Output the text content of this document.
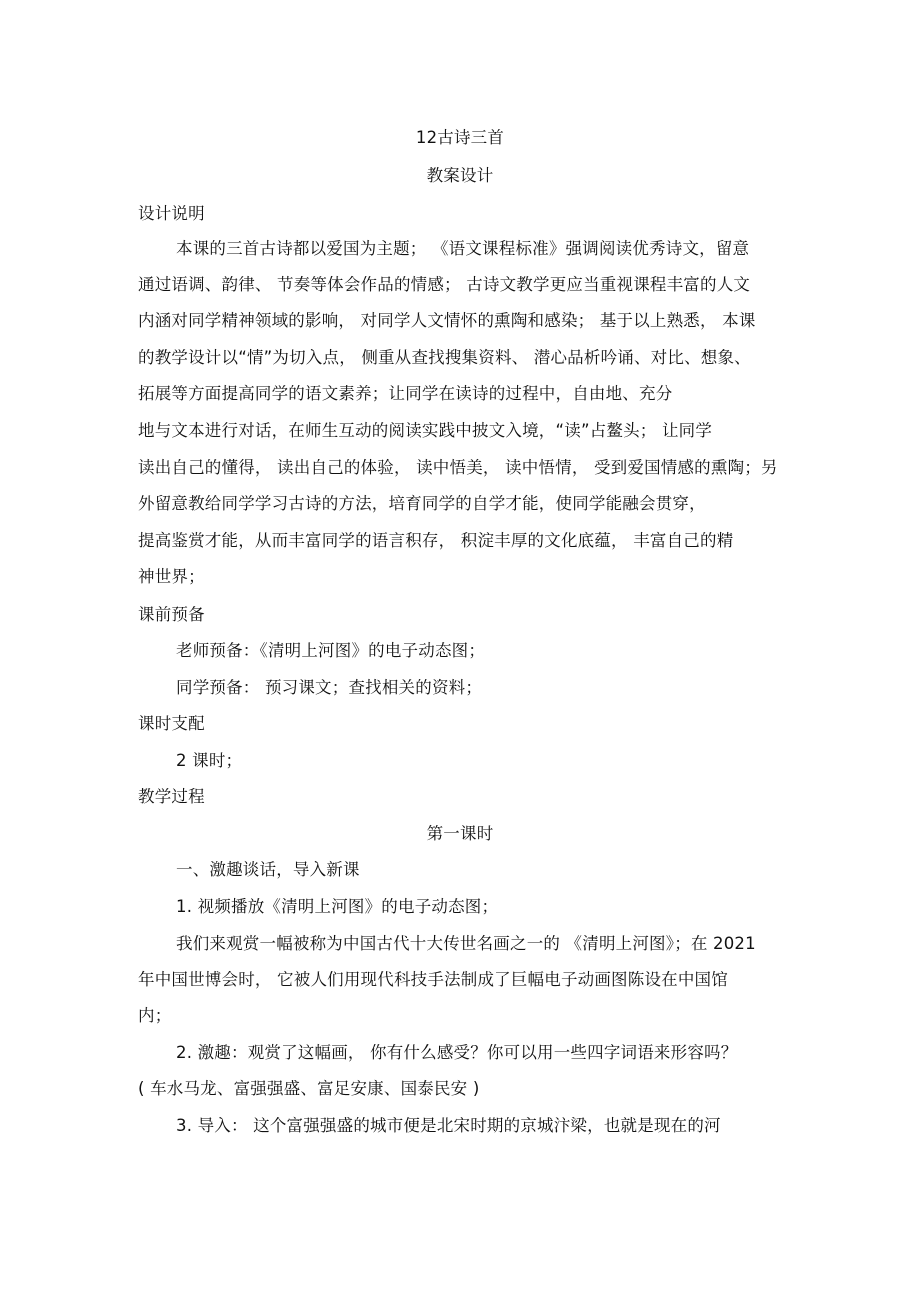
12古诗三首
教案设计
设计说明
本课的三首古诗都以爱国为主题； 《语文课程标准》强调阅读优秀诗文，留意
通过语调、韵律、 节奏等体会作品的情感； 古诗文教学更应当重视课程丰富的人文
内涵对同学精神领域的影响， 对同学人文情怀的熏陶和感染； 基于以上熟悉， 本课
的教学设计以“情”为切入点， 侧重从查找搜集资料、 潜心品析吟诵、对比、想象、
拓展等方面提高同学的语文素养；让同学在读诗的过程中，自由地、充分
地与文本进行对话，在师生互动的阅读实践中披文入境，“读”占鳌头； 让同学
读出自己的懂得， 读出自己的体验， 读中悟美， 读中悟情， 受到爱国情感的熏陶；另
外留意教给同学学习古诗的方法，培育同学的自学才能，使同学能融会贯穿，
提高鉴赏才能，从而丰富同学的语言积存， 积淀丰厚的文化底蕴， 丰富自己的精
神世界；
课前预备
老师预备：《清明上河图》的电子动态图；
同学预备： 预习课文；查找相关的资料；
课时支配
2 课时；
教学过程
第一课时
一、激趣谈话，导入新课
1. 视频播放《清明上河图》的电子动态图；
我们来观赏一幅被称为中国古代十大传世名画之一的 《清明上河图》；在 2021
年中国世博会时， 它被人们用现代科技手法制成了巨幅电子动画图陈设在中国馆
内；
2. 激趣：观赏了这幅画， 你有什么感受？你可以用一些四字词语来形容吗？
( 车水马龙、富强强盛、富足安康、国泰民安 )
3. 导入： 这个富强强盛的城市便是北宋时期的京城汴梁，也就是现在的河
